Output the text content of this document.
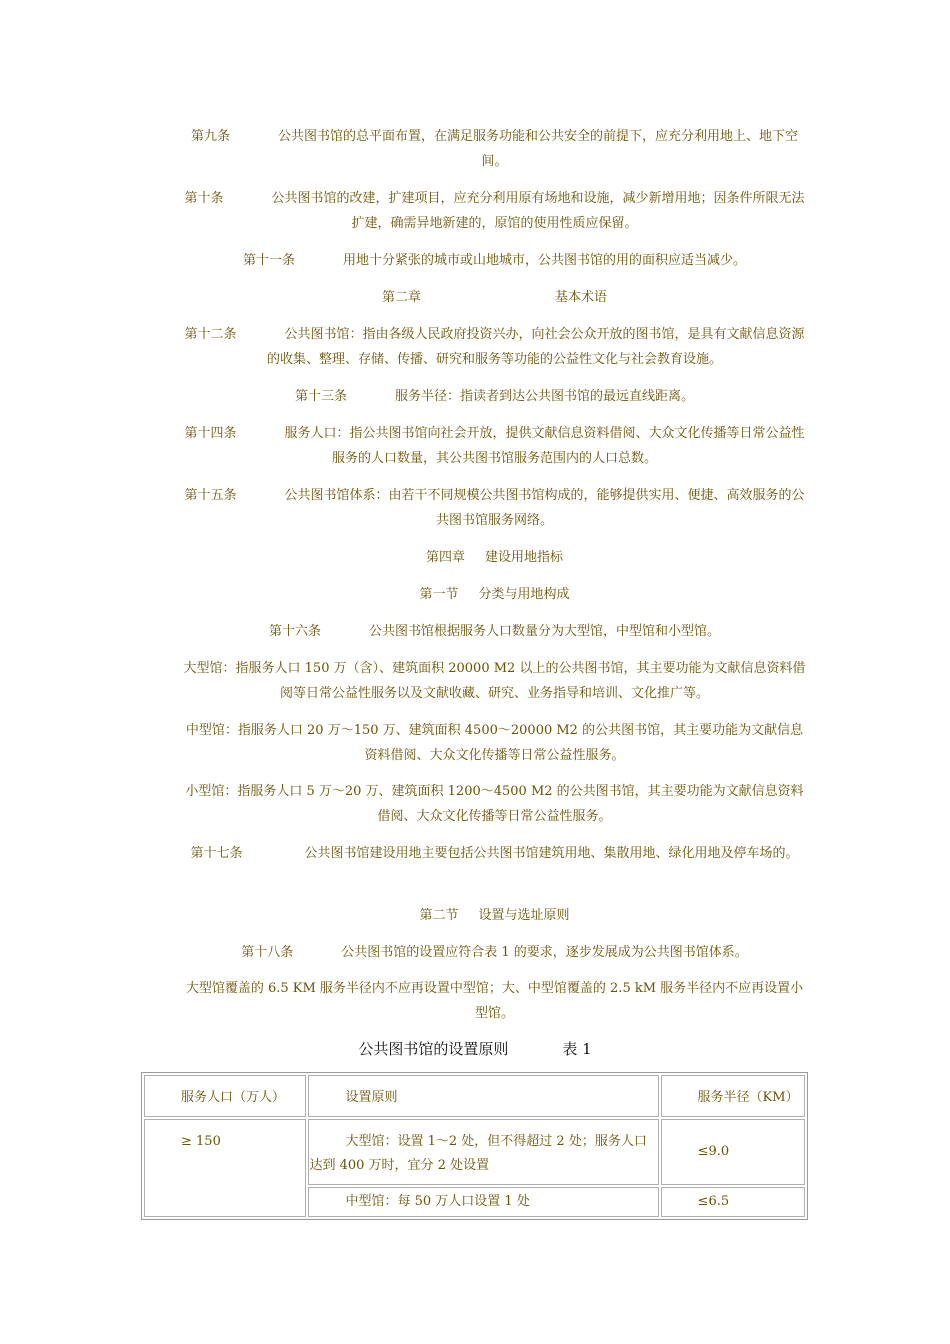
第九条	公共图书馆的总平面布置，在满足服务功能和公共安全的前提下，应充分利用地上、地下空间。
第十条	公共图书馆的改建，扩建项目，应充分利用原有场地和设施，减少新增用地；因条件所限无法扩建，确需异地新建的，原馆的使用性质应保留。
第十一条	用地十分紧张的城市或山地城市，公共图书馆的用的面积应适当减少。
第二章	基本术语
第十二条	公共图书馆：指由各级人民政府投资兴办，向社会公众开放的图书馆，是具有文献信息资源的收集、整理、存储、传播、研究和服务等功能的公益性文化与社会教育设施。
第十三条	服务半径：指读者到达公共图书馆的最远直线距离。
第十四条	服务人口：指公共图书馆向社会开放，提供文献信息资料借阅、大众文化传播等日常公益性服务的人口数量，其公共图书馆服务范围内的人口总数。
第十五条	公共图书馆体系：由若干不同规模公共图书馆构成的，能够提供实用、便捷、高效服务的公共图书馆服务网络。
第四章 建设用地指标
第一节 分类与用地构成
第十六条	公共图书馆根据服务人口数量分为大型馆，中型馆和小型馆。
大型馆：指服务人口 150 万（含）、建筑面积 20000 M2 以上的公共图书馆，其主要功能为文献信息资料借阅等日常公益性服务以及文献收藏、研究、业务指导和培训、文化推广等。
中型馆：指服务人口 20 万～150 万、建筑面积 4500～20000 M2 的公共图书馆，其主要功能为文献信息资料借阅、大众文化传播等日常公益性服务。
小型馆：指服务人口 5 万～20 万、建筑面积 1200～4500 M2 的公共图书馆，其主要功能为文献信息资料借阅、大众文化传播等日常公益性服务。
第十七条	公共图书馆建设用地主要包括公共图书馆建筑用地、集散用地、绿化用地及停车场的。
第二节 设置与选址原则
第十八条	公共图书馆的设置应符合表 1 的要求，逐步发展成为公共图书馆体系。
大型馆覆盖的 6.5 KM 服务半径内不应再设置中型馆；大、中型馆覆盖的 2.5 kM 服务半径内不应再设置小型馆。
公共图书馆的设置原则	表 1
服务人口（万人）	设置原则	服务半径（KM）

≥ 150	大型馆：设置 1～2 处，但不得超过 2 处；服务人口达到 400 万时，宜分 2 处设置	≤9.0

	中型馆：每 50 万人口设置 1 处	≤6.5
